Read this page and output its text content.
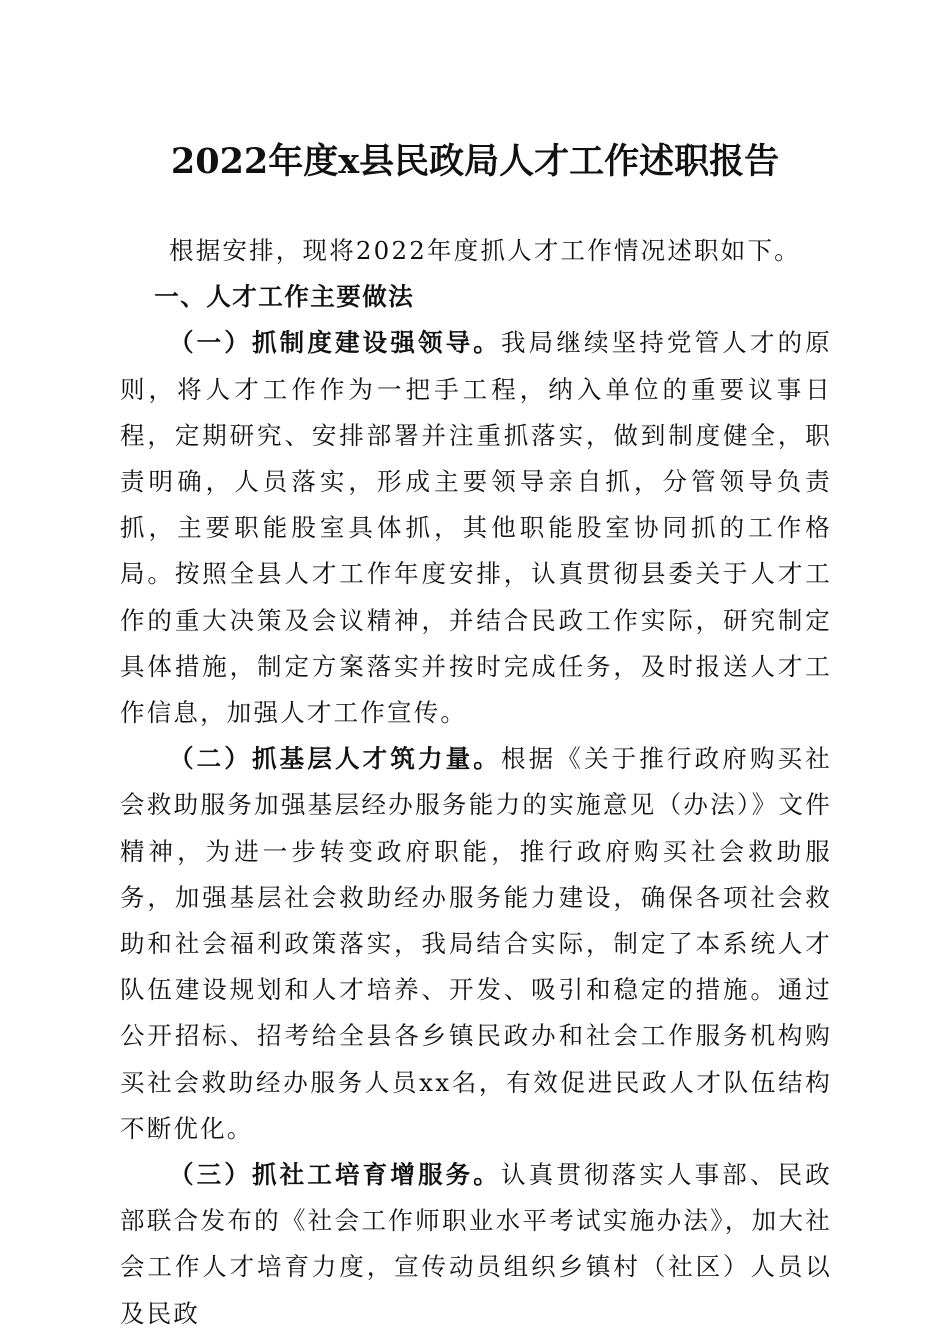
2022年度x县民政局人才工作述职报告

根据安排，现将2022年度抓人才工作情况述职如下。

一、人才工作主要做法

（一）抓制度建设强领导。我局继续坚持党管人才的原则，将人才工作作为一把手工程，纳入单位的重要议事日程，定期研究、安排部署并注重抓落实，做到制度健全，职责明确，人员落实，形成主要领导亲自抓，分管领导负责抓，主要职能股室具体抓，其他职能股室协同抓的工作格局。按照全县人才工作年度安排，认真贯彻县委关于人才工作的重大决策及会议精神，并结合民政工作实际，研究制定具体措施，制定方案落实并按时完成任务，及时报送人才工作信息，加强人才工作宣传。

（二）抓基层人才筑力量。根据《关于推行政府购买社会救助服务加强基层经办服务能力的实施意见（办法）》文件精神，为进一步转变政府职能，推行政府购买社会救助服务，加强基层社会救助经办服务能力建设，确保各项社会救助和社会福利政策落实，我局结合实际，制定了本系统人才队伍建设规划和人才培养、开发、吸引和稳定的措施。通过公开招标、招考给全县各乡镇民政办和社会工作服务机构购买社会救助经办服务人员xx名，有效促进民政人才队伍结构不断优化。

（三）抓社工培育增服务。认真贯彻落实人事部、民政部联合发布的《社会工作师职业水平考试实施办法》，加大社会工作人才培育力度，宣传动员组织乡镇村（社区）人员以及民政
